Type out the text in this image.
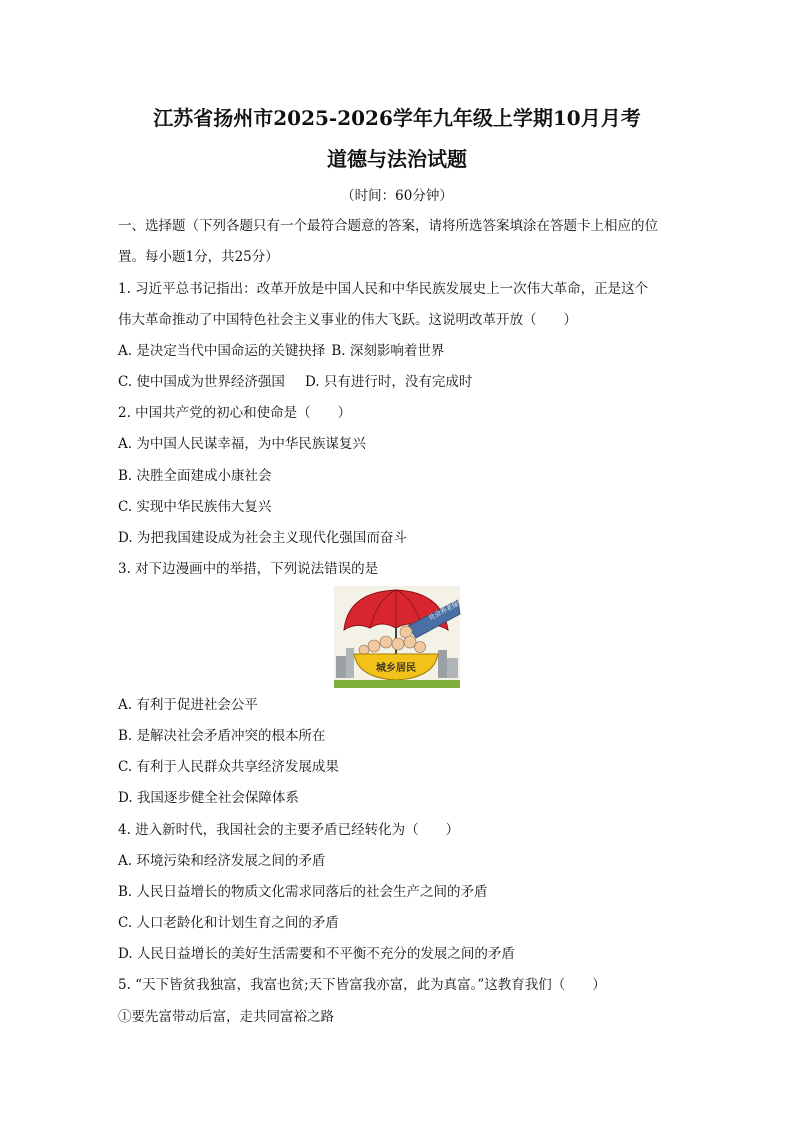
江苏省扬州市2025-2026学年九年级上学期10月月考
道德与法治试题
（时间：60分钟）
一、选择题（下列各题只有一个最符合题意的答案，请将所选答案填涂在答题卡上相应的位
置。每小题1分，共25分）
1. 习近平总书记指出：改革开放是中国人民和中华民族发展史上一次伟大革命，正是这个
伟大革命推动了中国特色社会主义事业的伟大飞跃。这说明改革开放（　　）
A. 是决定当代中国命运的关键抉择 B. 深刻影响着世界
C. 使中国成为世界经济强国 D. 只有进行时，没有完成时
2. 中国共产党的初心和使命是（　　）
A. 为中国人民谋幸福，为中华民族谋复兴
B. 决胜全面建成小康社会
C. 实现中华民族伟大复兴
D. 为把我国建设成为社会主义现代化强国而奋斗
3. 对下边漫画中的举措，下列说法错误的是
社会养老保险
城乡居民
A. 有利于促进社会公平
B. 是解决社会矛盾冲突的根本所在
C. 有利于人民群众共享经济发展成果
D. 我国逐步健全社会保障体系
4. 进入新时代，我国社会的主要矛盾已经转化为（　　）
A. 环境污染和经济发展之间的矛盾
B. 人民日益增长的物质文化需求同落后的社会生产之间的矛盾
C. 人口老龄化和计划生育之间的矛盾
D. 人民日益增长的美好生活需要和不平衡不充分的发展之间的矛盾
5. “天下皆贫我独富，我富也贫;天下皆富我亦富，此为真富。”这教育我们（　　）
①要先富带动后富，走共同富裕之路
